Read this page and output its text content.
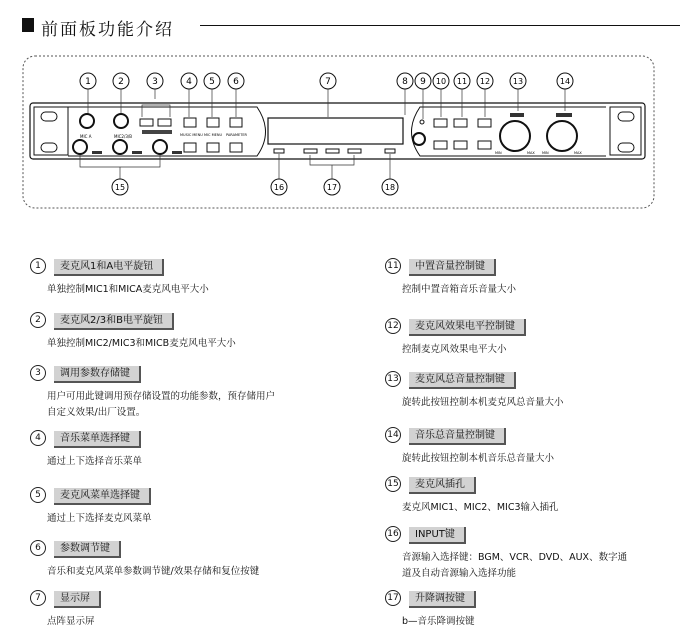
前面板功能介绍
MIC A	MIC2/3/B	MUSIC MENU MIC MENU PARAMETER
MIN	MAX MIN	MAX
1	2	3	4 5 6	7	8 9 10 11 12	13	14
15	16	17	18
1	麦克风1和A电平旋钮
单独控制MIC1和MICA麦克风电平大小
2	麦克风2/3和B电平旋钮
单独控制MIC2/MIC3和MICB麦克风电平大小
3	调用参数存储键
用户可用此键调用预存储设置的功能参数，预存储用户
自定义效果/出厂设置。
4	音乐菜单选择键
通过上下选择音乐菜单
5	麦克风菜单选择键
通过上下选择麦克风菜单
6	参数调节键
音乐和麦克风菜单参数调节键/效果存储和复位按键
7	显示屏
点阵显示屏
11	中置音量控制键
控制中置音箱音乐音量大小
12	麦克风效果电平控制键
控制麦克风效果电平大小
13	麦克风总音量控制键
旋转此按钮控制本机麦克风总音量大小
14	音乐总音量控制键
旋转此按钮控制本机音乐总音量大小
15	麦克风插孔
麦克风MIC1、MIC2、MIC3输入插孔
16	INPUT键
音源输入选择键：BGM、VCR、DVD、AUX、数字通
道及自动音源输入选择功能
17	升降调按键
b—音乐降调按键
